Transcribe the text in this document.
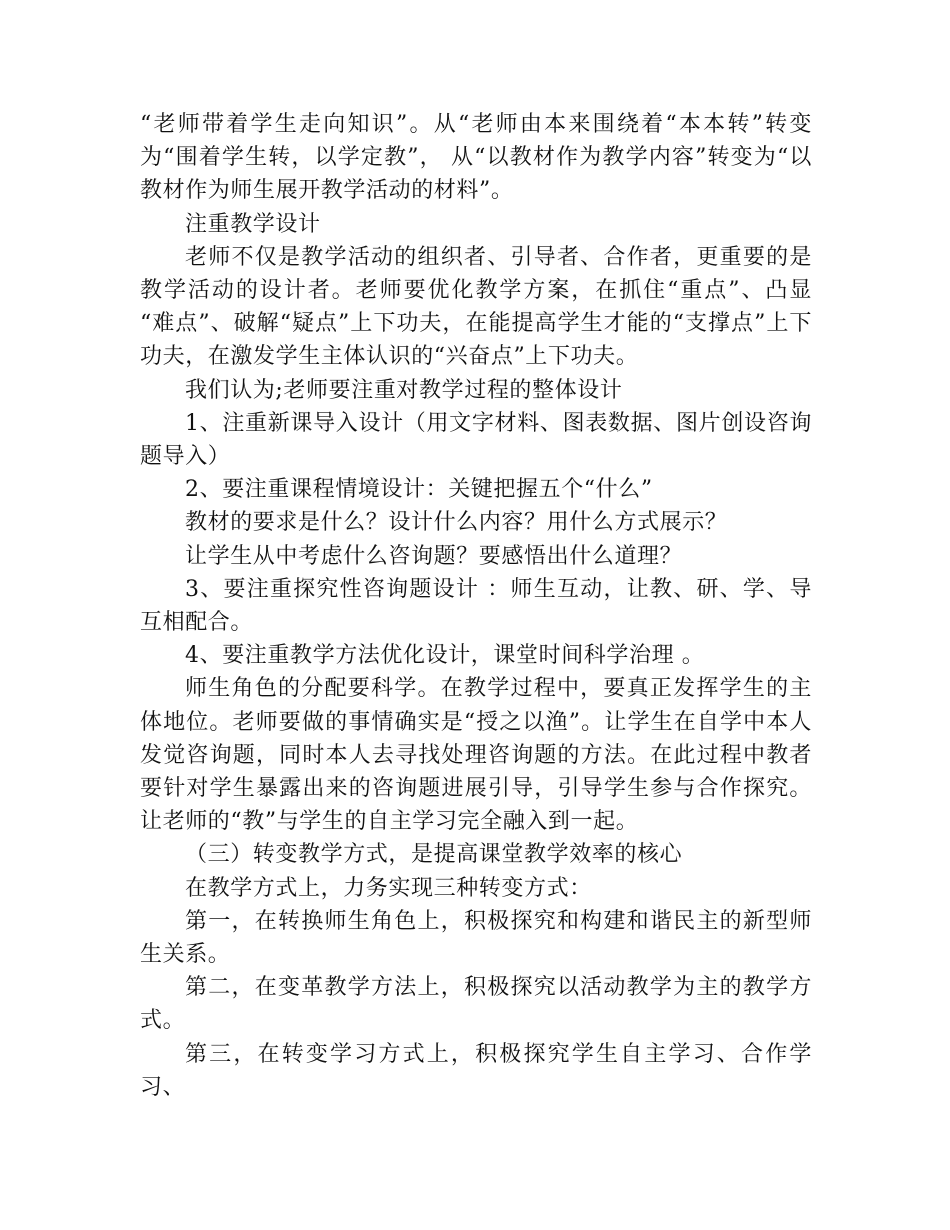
“老师带着学生走向知识”。从“老师由本来围绕着“本本转”转变为“围着学生转，以学定教”， 从“以教材作为教学内容”转变为“以教材作为师生展开教学活动的材料”。

注重教学设计

老师不仅是教学活动的组织者、引导者、合作者，更重要的是教学活动的设计者。老师要优化教学方案，在抓住“重点”、凸显 “难点”、破解“疑点”上下功夫，在能提高学生才能的“支撑点”上下功夫，在激发学生主体认识的“兴奋点”上下功夫。

我们认为;老师要注重对教学过程的整体设计

1、注重新课导入设计（用文字材料、图表数据、图片创设咨询题导入）

2、要注重课程情境设计：关键把握五个“什么”

教材的要求是什么？设计什么内容？用什么方式展示？

让学生从中考虑什么咨询题？要感悟出什么道理？

3、要注重探究性咨询题设计 ：师生互动，让教、研、学、导互相配合。

4、要注重教学方法优化设计，课堂时间科学治理 。

师生角色的分配要科学。在教学过程中，要真正发挥学生的主体地位。老师要做的事情确实是“授之以渔”。让学生在自学中本人发觉咨询题，同时本人去寻找处理咨询题的方法。在此过程中教者要针对学生暴露出来的咨询题进展引导，引导学生参与合作探究。让老师的“教”与学生的自主学习完全融入到一起。

（三）转变教学方式，是提高课堂教学效率的核心

在教学方式上，力务实现三种转变方式：

第一，在转换师生角色上，积极探究和构建和谐民主的新型师生关系。

第二，在变革教学方法上，积极探究以活动教学为主的教学方式。

第三，在转变学习方式上，积极探究学生自主学习、合作学习、
